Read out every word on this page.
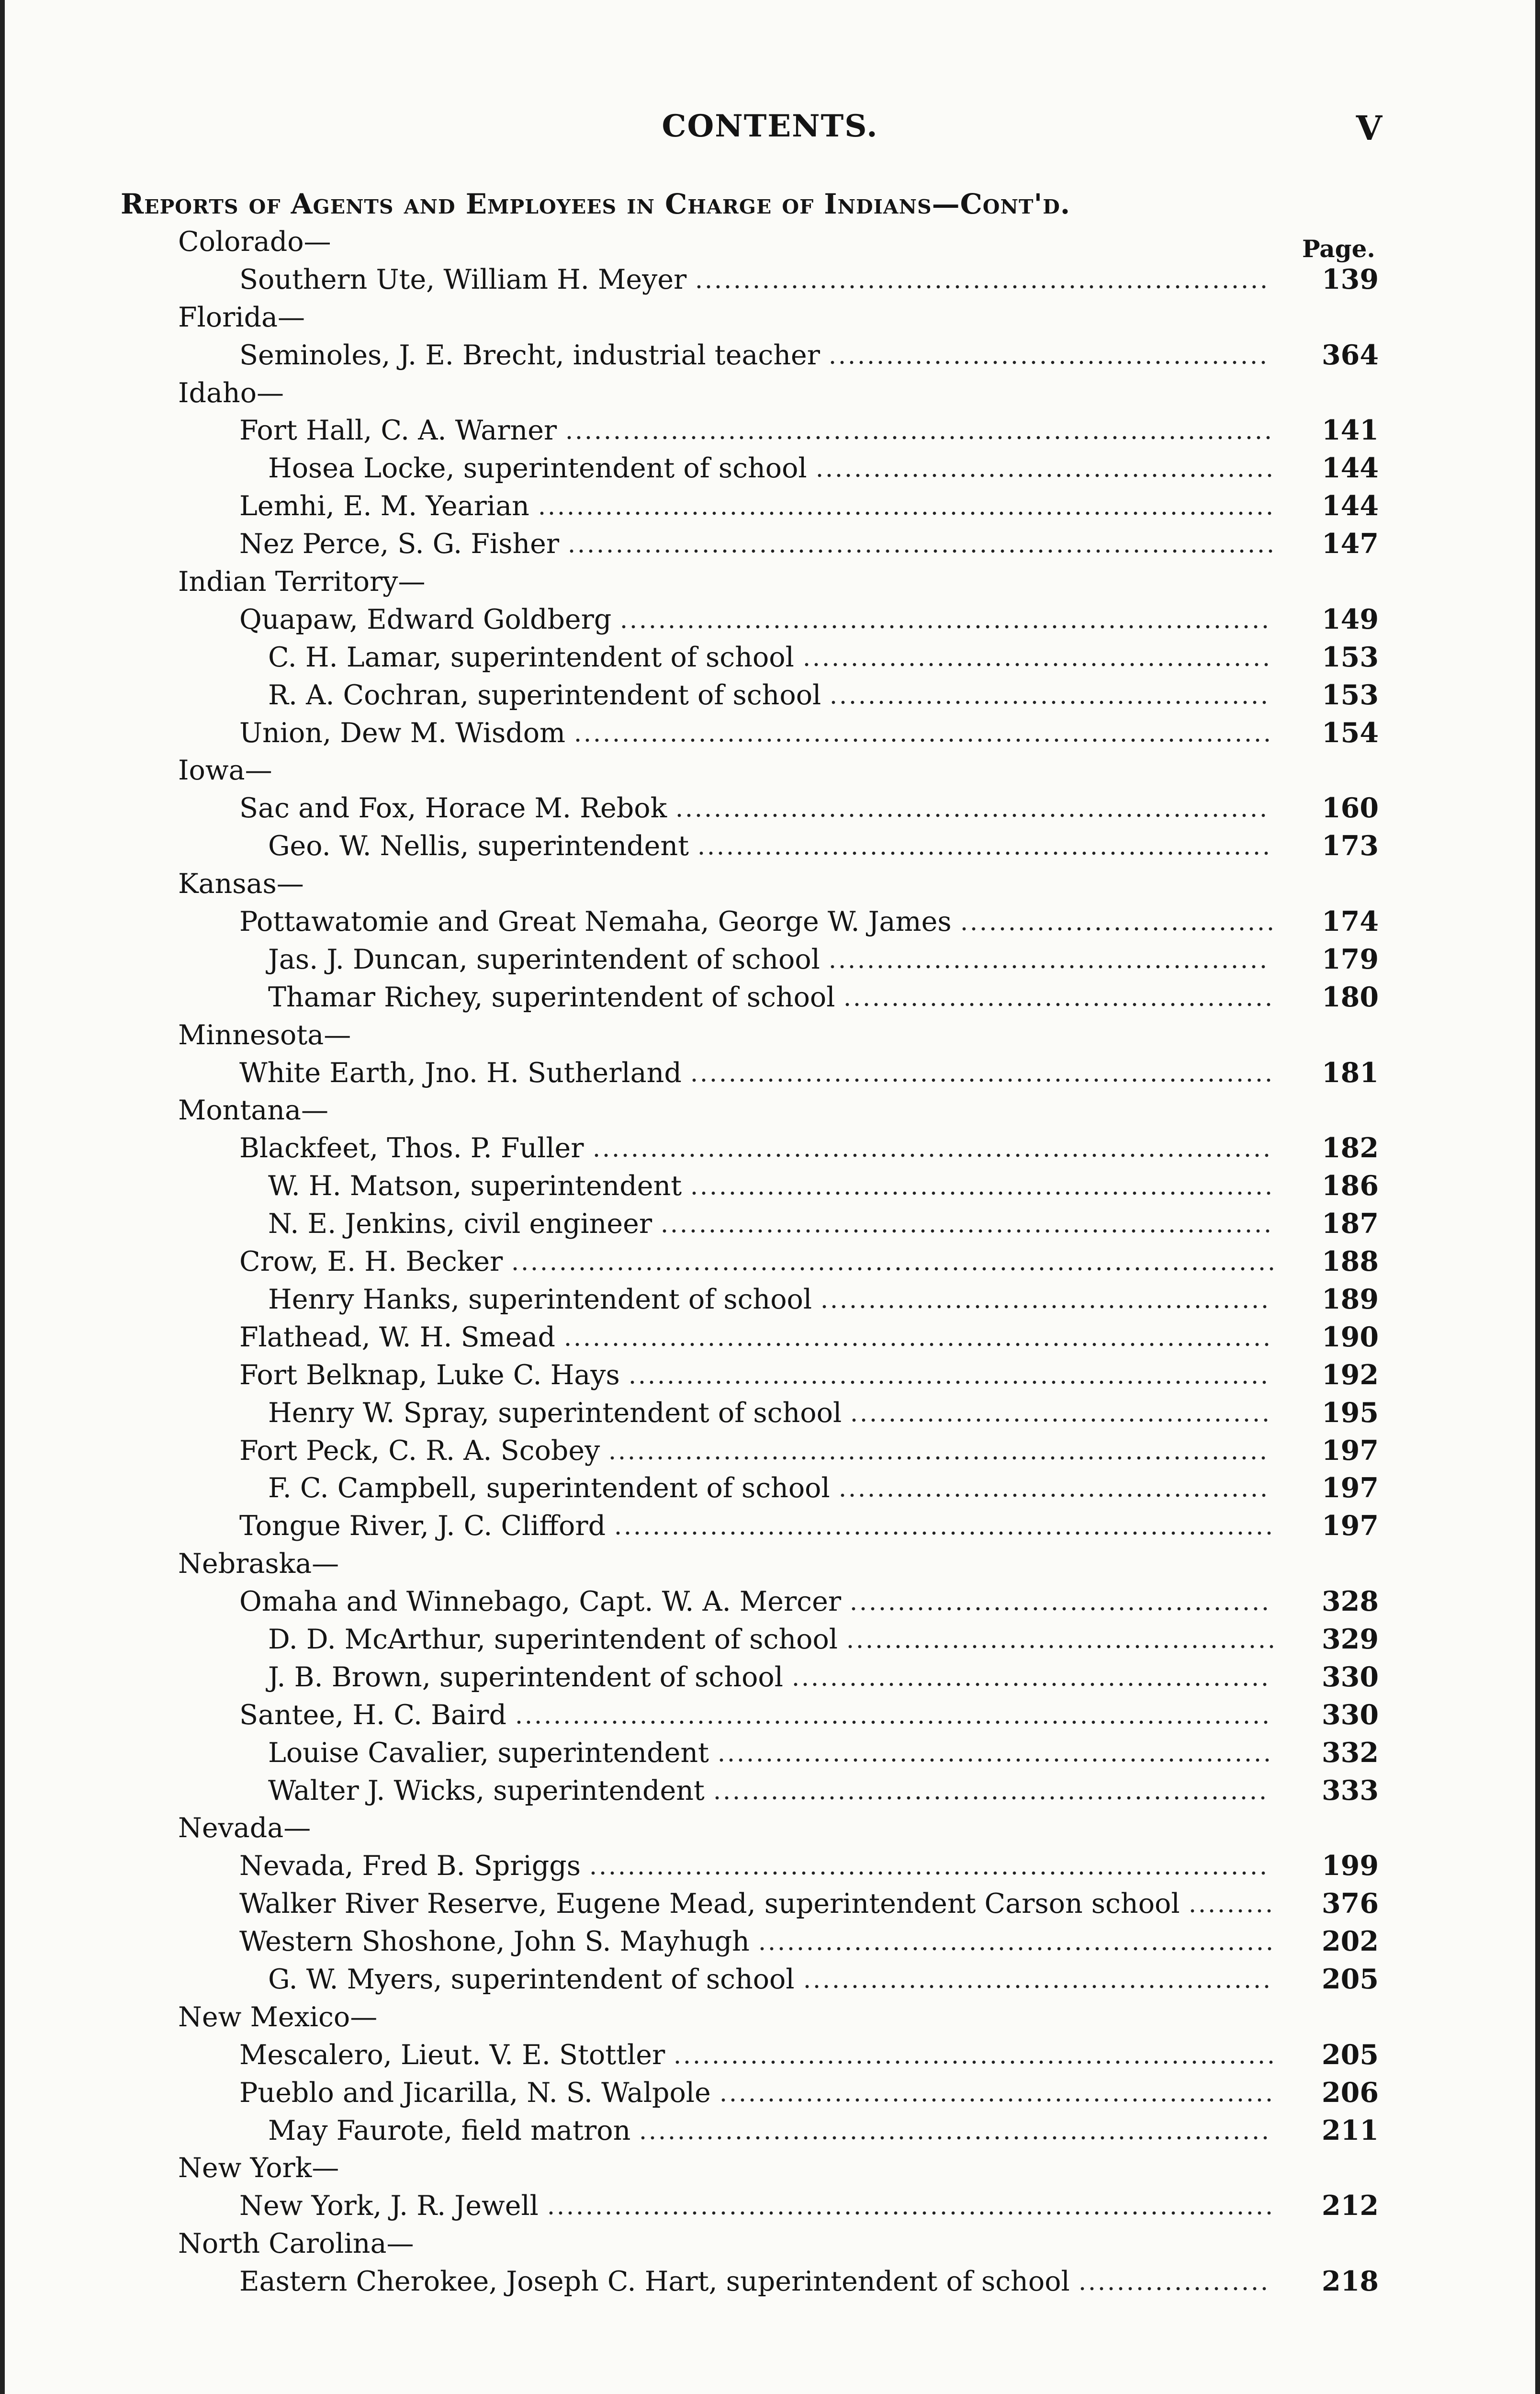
CONTENTS.	V
Reports of Agents and Employees in Charge of Indians—Cont'd.
Page.
Colorado—
Southern Ute, William H. Meyer	139
Florida—
Seminoles, J. E. Brecht, industrial teacher	364
Idaho—
Fort Hall, C. A. Warner	141
Hosea Locke, superintendent of school	144
Lemhi, E. M. Yearian	144
Nez Perce, S. G. Fisher	147
Indian Territory—
Quapaw, Edward Goldberg	149
C. H. Lamar, superintendent of school	153
R. A. Cochran, superintendent of school	153
Union, Dew M. Wisdom	154
Iowa—
Sac and Fox, Horace M. Rebok	160
Geo. W. Nellis, superintendent	173
Kansas—
Pottawatomie and Great Nemaha, George W. James	174
Jas. J. Duncan, superintendent of school	179
Thamar Richey, superintendent of school	180
Minnesota—
White Earth, Jno. H. Sutherland	181
Montana—
Blackfeet, Thos. P. Fuller	182
W. H. Matson, superintendent	186
N. E. Jenkins, civil engineer	187
Crow, E. H. Becker	188
Henry Hanks, superintendent of school	189
Flathead, W. H. Smead	190
Fort Belknap, Luke C. Hays	192
Henry W. Spray, superintendent of school	195
Fort Peck, C. R. A. Scobey	197
F. C. Campbell, superintendent of school	197
Tongue River, J. C. Clifford	197
Nebraska—
Omaha and Winnebago, Capt. W. A. Mercer	328
D. D. McArthur, superintendent of school	329
J. B. Brown, superintendent of school	330
Santee, H. C. Baird	330
Louise Cavalier, superintendent	332
Walter J. Wicks, superintendent	333
Nevada—
Nevada, Fred B. Spriggs	199
Walker River Reserve, Eugene Mead, superintendent Carson school	376
Western Shoshone, John S. Mayhugh	202
G. W. Myers, superintendent of school	205
New Mexico—
Mescalero, Lieut. V. E. Stottler	205
Pueblo and Jicarilla, N. S. Walpole	206
May Faurote, field matron	211
New York—
New York, J. R. Jewell	212
North Carolina—
Eastern Cherokee, Joseph C. Hart, superintendent of school	218
